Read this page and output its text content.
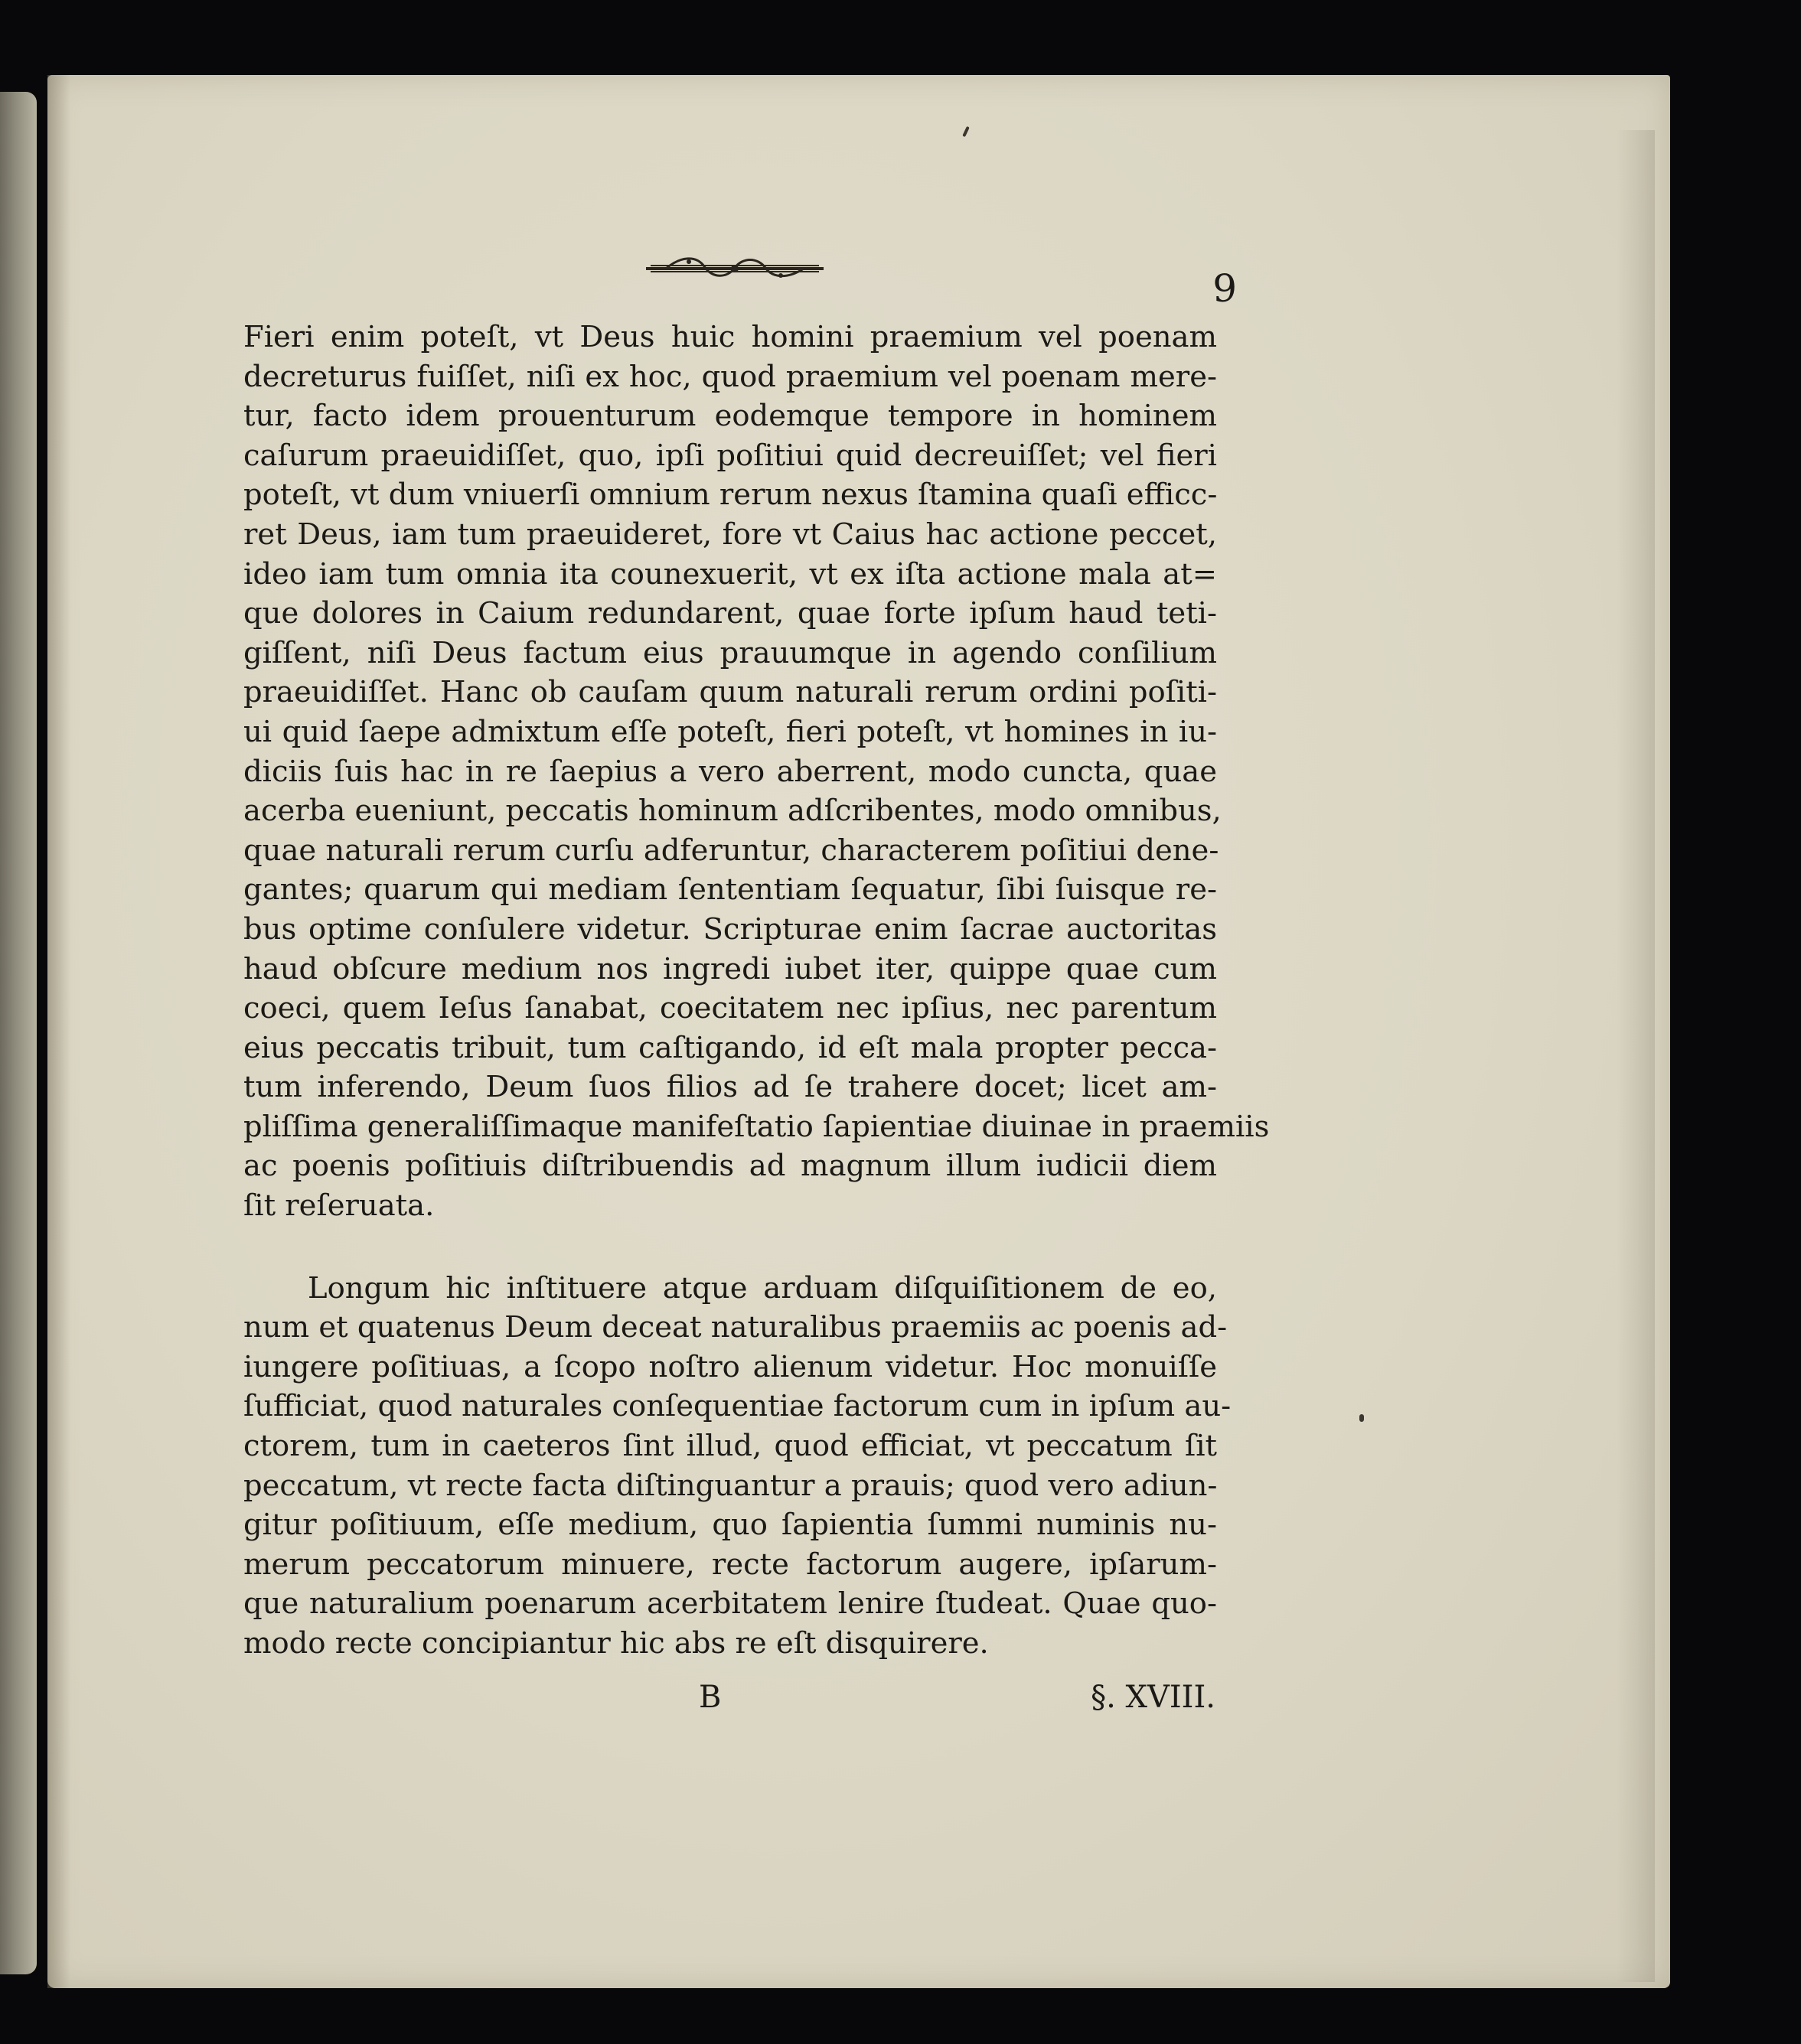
9
Fieri enim poteſt, vt Deus huic homini praemium vel poenam
decreturus fuiſſet, niſi ex hoc, quod praemium vel poenam mere-
tur, facto idem prouenturum eodemque tempore in hominem
caſurum praeuidiſſet, quo, ipſi poſitiui quid decreuiſſet; vel fieri
poteſt, vt dum vniuerſi omnium rerum nexus ſtamina quaſi efficc-
ret Deus, iam tum praeuideret, fore vt Caius hac actione peccet,
ideo iam tum omnia ita counexuerit, vt ex iſta actione mala at=
que dolores in Caium redundarent, quae forte ipſum haud teti-
giſſent, niſi Deus factum eius prauumque in agendo conſilium
praeuidiſſet. Hanc ob cauſam quum naturali rerum ordini poſiti-
ui quid ſaepe admixtum eſſe poteſt, fieri poteſt, vt homines in iu-
diciis ſuis hac in re ſaepius a vero aberrent, modo cuncta, quae
acerba eueniunt, peccatis hominum adſcribentes, modo omnibus,
quae naturali rerum curſu adferuntur, characterem poſitiui dene-
gantes; quarum qui mediam ſententiam ſequatur, ſibi ſuisque re-
bus optime conſulere videtur. Scripturae enim ſacrae auctoritas
haud obſcure medium nos ingredi iubet iter, quippe quae cum
coeci, quem Ieſus ſanabat, coecitatem nec ipſius, nec parentum
eius peccatis tribuit, tum caſtigando, id eſt mala propter pecca-
tum inferendo, Deum ſuos filios ad ſe trahere docet; licet am-
pliſſima generaliſſimaque manifeſtatio ſapientiae diuinae in praemiis
ac poenis poſitiuis diſtribuendis ad magnum illum iudicii diem
ſit reſeruata.
Longum hic inſtituere atque arduam diſquiſitionem de eo,
num et quatenus Deum deceat naturalibus praemiis ac poenis ad-
iungere poſitiuas, a ſcopo noſtro alienum videtur. Hoc monuiſſe
ſufficiat, quod naturales conſequentiae factorum cum in ipſum au-
ctorem, tum in caeteros ſint illud, quod efficiat, vt peccatum ſit
peccatum, vt recte facta diſtinguantur a prauis; quod vero adiun-
gitur poſitiuum, eſſe medium, quo ſapientia ſummi numinis nu-
merum peccatorum minuere, recte factorum augere, ipſarum-
que naturalium poenarum acerbitatem lenire ſtudeat. Quae quo-
modo recte concipiantur hic abs re eſt disquirere.
B	§. XVIII.
